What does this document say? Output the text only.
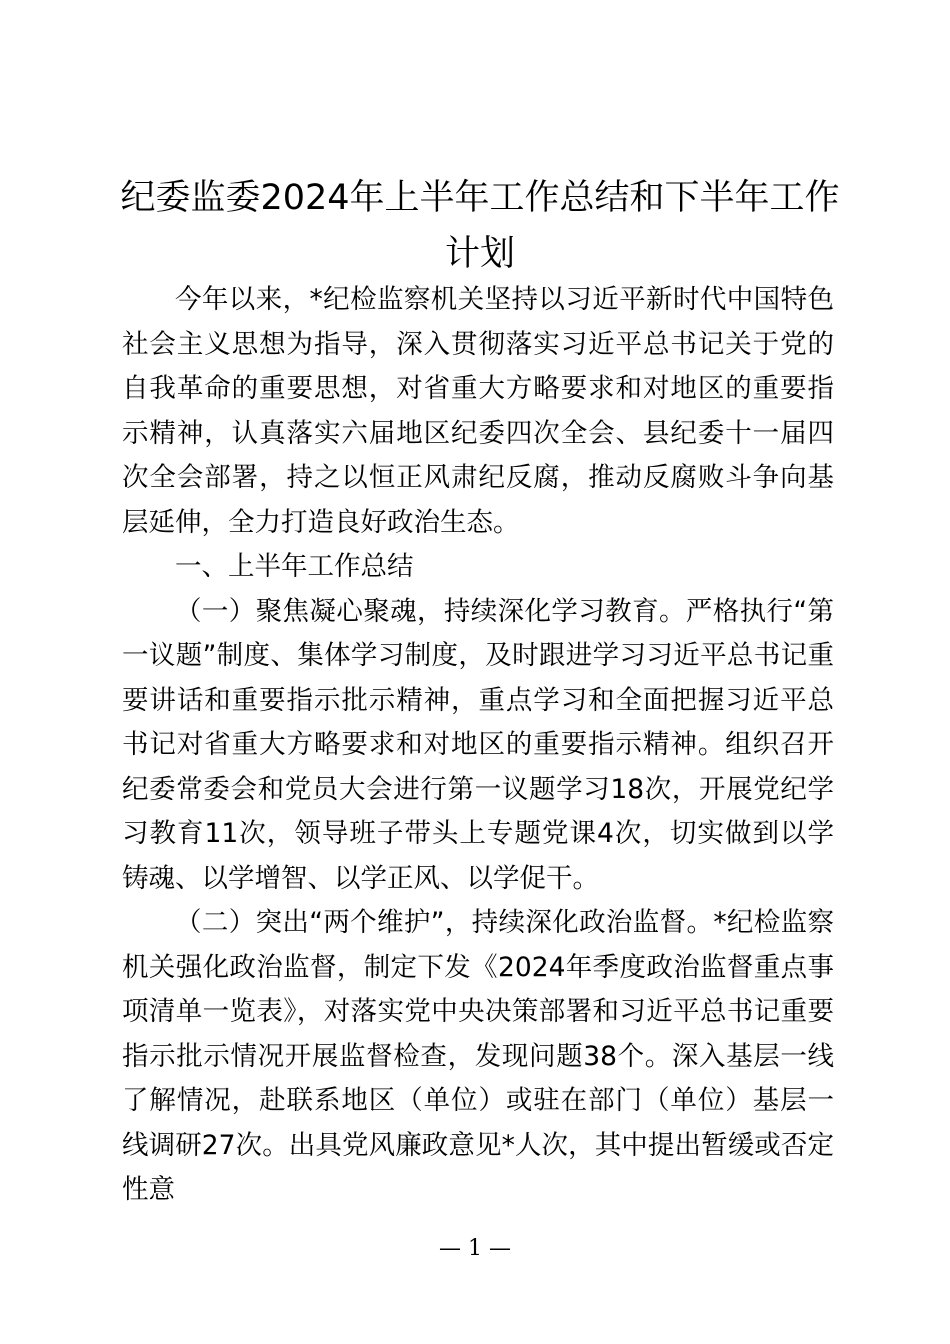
纪委监委2024年上半年工作总结和下半年工作计划

今年以来，*纪检监察机关坚持以习近平新时代中国特色社会主义思想为指导，深入贯彻落实习近平总书记关于党的自我革命的重要思想，对省重大方略要求和对地区的重要指示精神，认真落实六届地区纪委四次全会、县纪委十一届四次全会部署，持之以恒正风肃纪反腐，推动反腐败斗争向基层延伸，全力打造良好政治生态。

一、上半年工作总结

（一）聚焦凝心聚魂，持续深化学习教育。严格执行“第一议题”制度、集体学习制度，及时跟进学习习近平总书记重要讲话和重要指示批示精神，重点学习和全面把握习近平总书记对省重大方略要求和对地区的重要指示精神。组织召开纪委常委会和党员大会进行第一议题学习18次，开展党纪学习教育11次，领导班子带头上专题党课4次，切实做到以学铸魂、以学增智、以学正风、以学促干。

（二）突出“两个维护”，持续深化政治监督。*纪检监察机关强化政治监督，制定下发《2024年季度政治监督重点事项清单一览表》，对落实党中央决策部署和习近平总书记重要指示批示情况开展监督检查，发现问题38个。深入基层一线了解情况，赴联系地区（单位）或驻在部门（单位）基层一线调研27次。出具党风廉政意见*人次，其中提出暂缓或否定性意

— 1 —
